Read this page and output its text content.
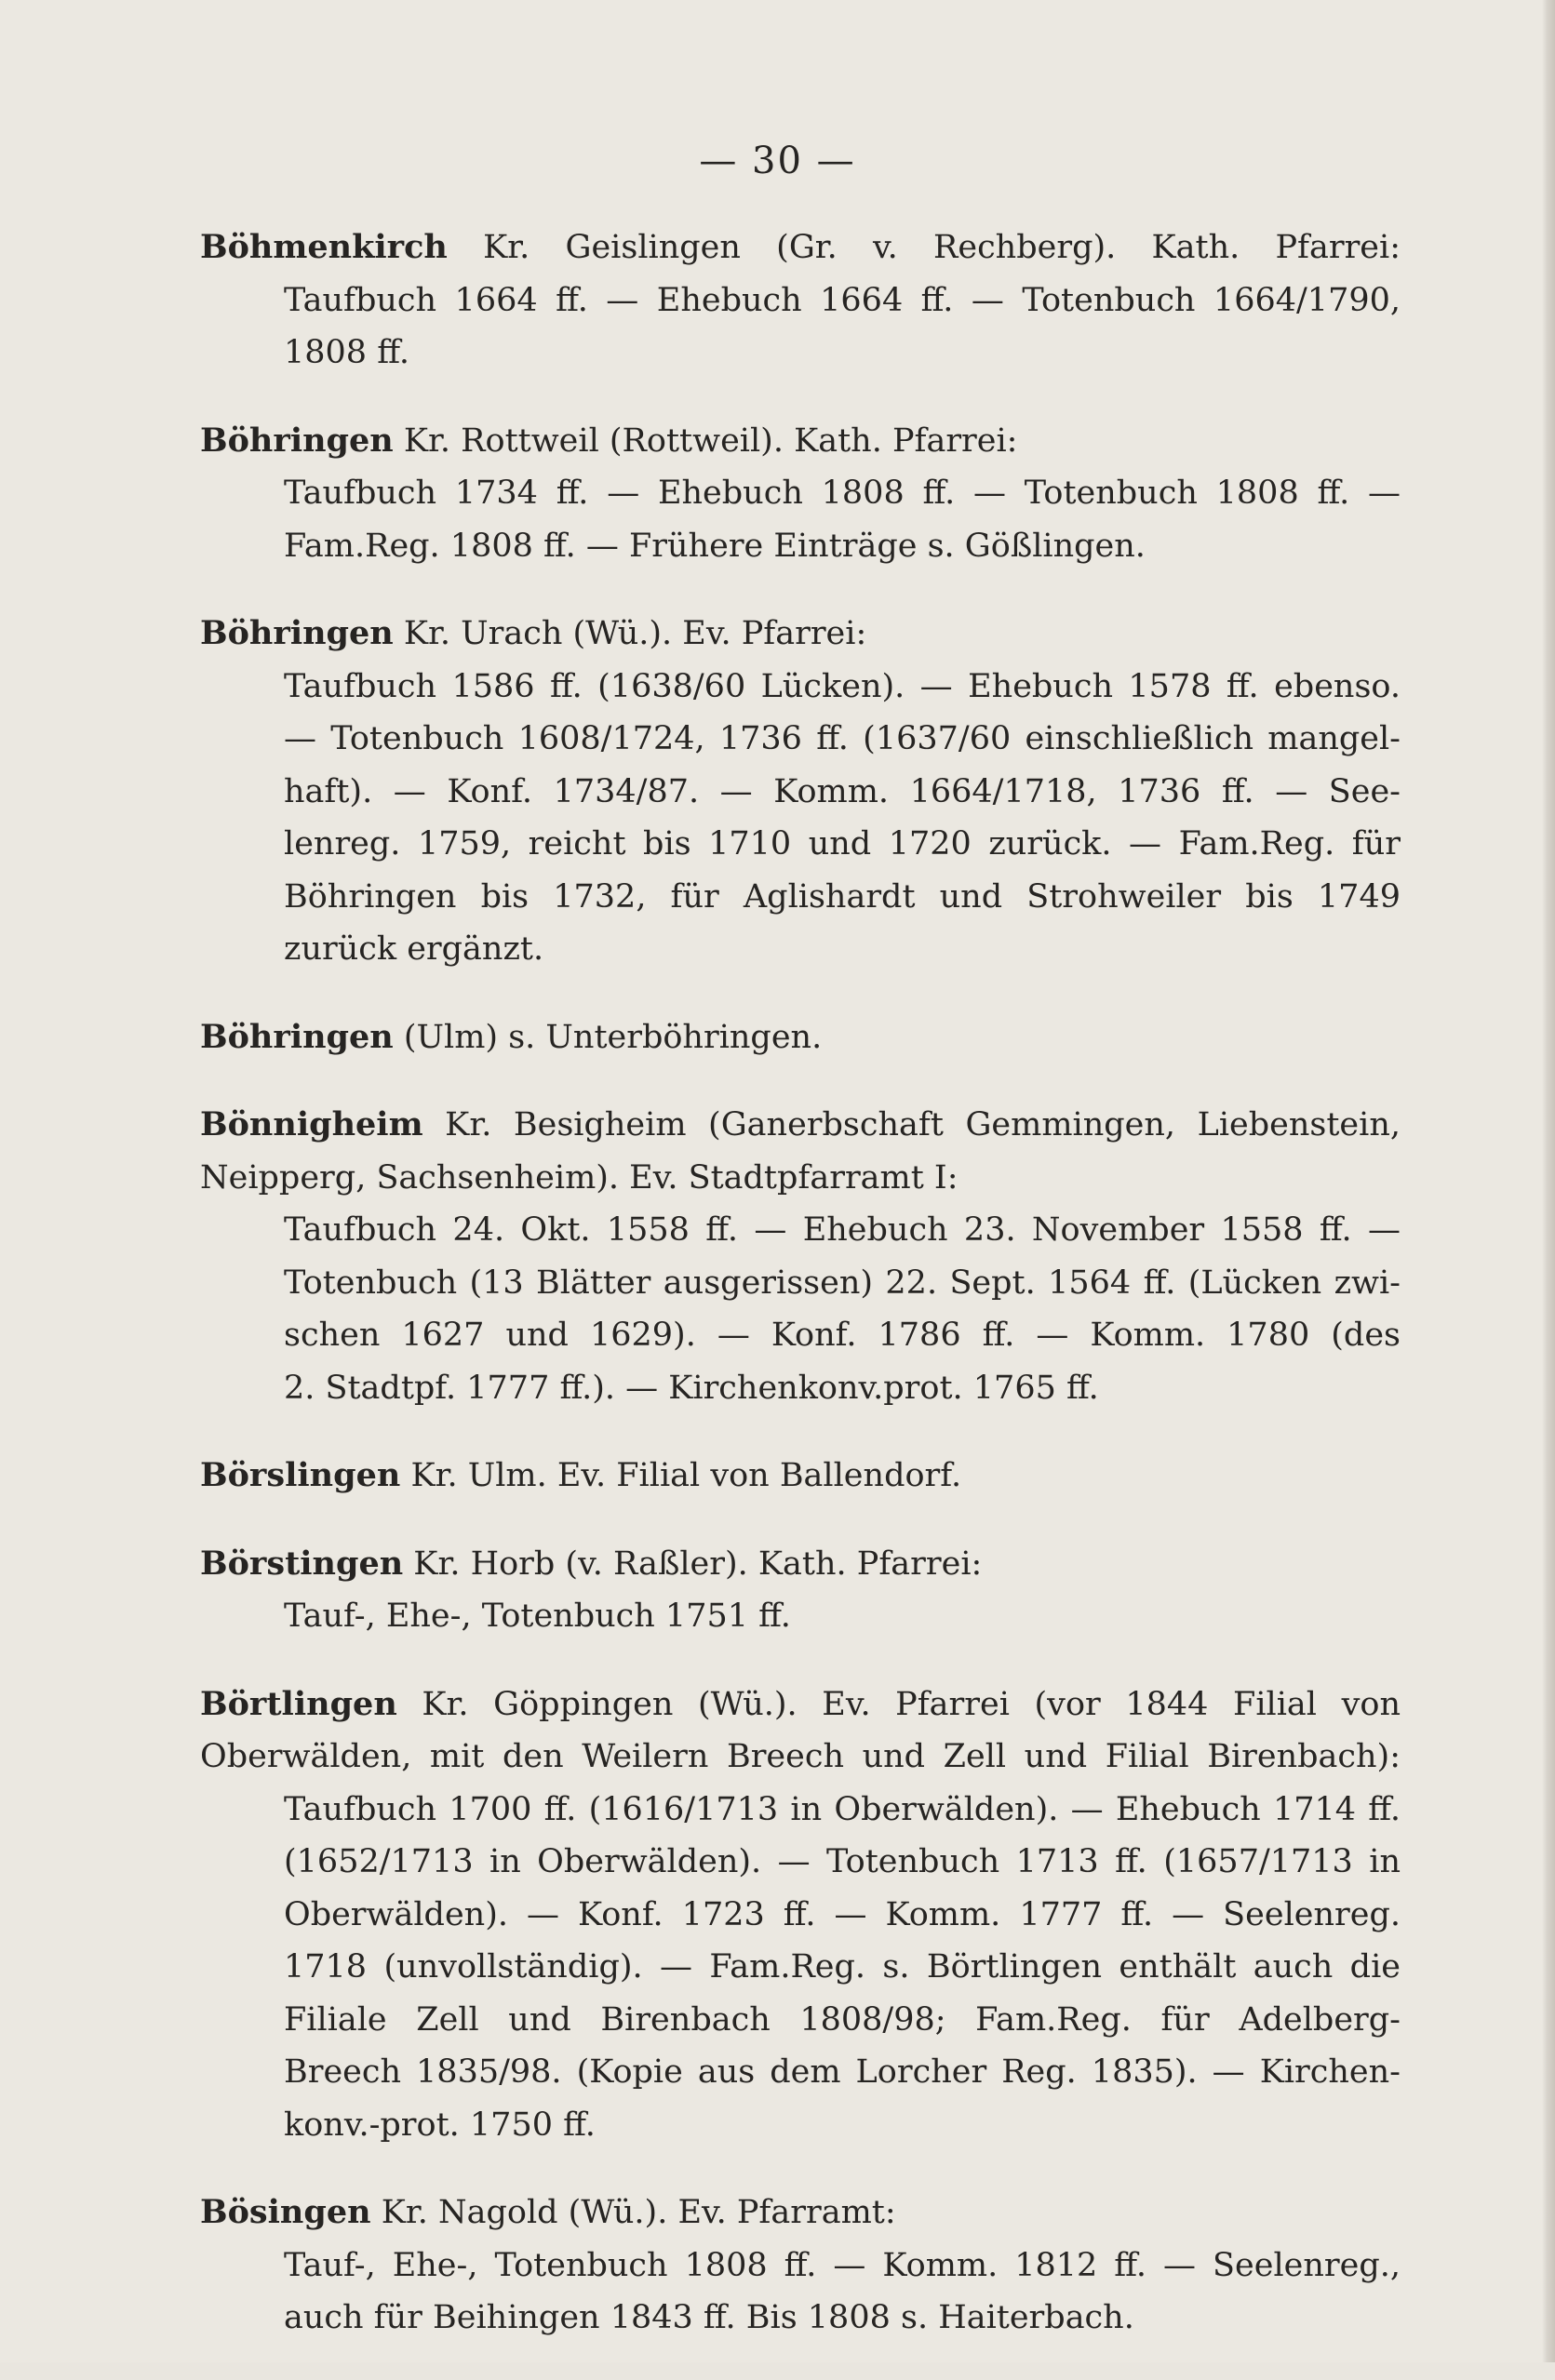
— 30 —
Böhmenkirch Kr. Geislingen (Gr. v. Rechberg). Kath. Pfarrei:
Taufbuch 1664 ff. — Ehebuch 1664 ff. — Totenbuch 1664/1790,
1808 ff.
Böhringen Kr. Rottweil (Rottweil). Kath. Pfarrei:
Taufbuch 1734 ff. — Ehebuch 1808 ff. — Totenbuch 1808 ff. —
Fam.Reg. 1808 ff. — Frühere Einträge s. Gößlingen.
Böhringen Kr. Urach (Wü.). Ev. Pfarrei:
Taufbuch 1586 ff. (1638/60 Lücken). — Ehebuch 1578 ff. ebenso.
— Totenbuch 1608/1724, 1736 ff. (1637/60 einschließlich mangel-
haft). — Konf. 1734/87. — Komm. 1664/1718, 1736 ff. — See-
lenreg. 1759, reicht bis 1710 und 1720 zurück. — Fam.Reg. für
Böhringen bis 1732, für Aglishardt und Strohweiler bis 1749
zurück ergänzt.
Böhringen (Ulm) s. Unterböhringen.
Bönnigheim Kr. Besigheim (Ganerbschaft Gemmingen, Liebenstein,
Neipperg, Sachsenheim). Ev. Stadtpfarramt I:
Taufbuch 24. Okt. 1558 ff. — Ehebuch 23. November 1558 ff. —
Totenbuch (13 Blätter ausgerissen) 22. Sept. 1564 ff. (Lücken zwi-
schen 1627 und 1629). — Konf. 1786 ff. — Komm. 1780 (des
2. Stadtpf. 1777 ff.). — Kirchenkonv.prot. 1765 ff.
Börslingen Kr. Ulm. Ev. Filial von Ballendorf.
Börstingen Kr. Horb (v. Raßler). Kath. Pfarrei:
Tauf-, Ehe-, Totenbuch 1751 ff.
Börtlingen Kr. Göppingen (Wü.). Ev. Pfarrei (vor 1844 Filial von
Oberwälden, mit den Weilern Breech und Zell und Filial Birenbach):
Taufbuch 1700 ff. (1616/1713 in Oberwälden). — Ehebuch 1714 ff.
(1652/1713 in Oberwälden). — Totenbuch 1713 ff. (1657/1713 in
Oberwälden). — Konf. 1723 ff. — Komm. 1777 ff. — Seelenreg.
1718 (unvollständig). — Fam.Reg. s. Börtlingen enthält auch die
Filiale Zell und Birenbach 1808/98; Fam.Reg. für Adelberg-
Breech 1835/98. (Kopie aus dem Lorcher Reg. 1835). — Kirchen-
konv.-prot. 1750 ff.
Bösingen Kr. Nagold (Wü.). Ev. Pfarramt:
Tauf-, Ehe-, Totenbuch 1808 ff. — Komm. 1812 ff. — Seelenreg.,
auch für Beihingen 1843 ff. Bis 1808 s. Haiterbach.
